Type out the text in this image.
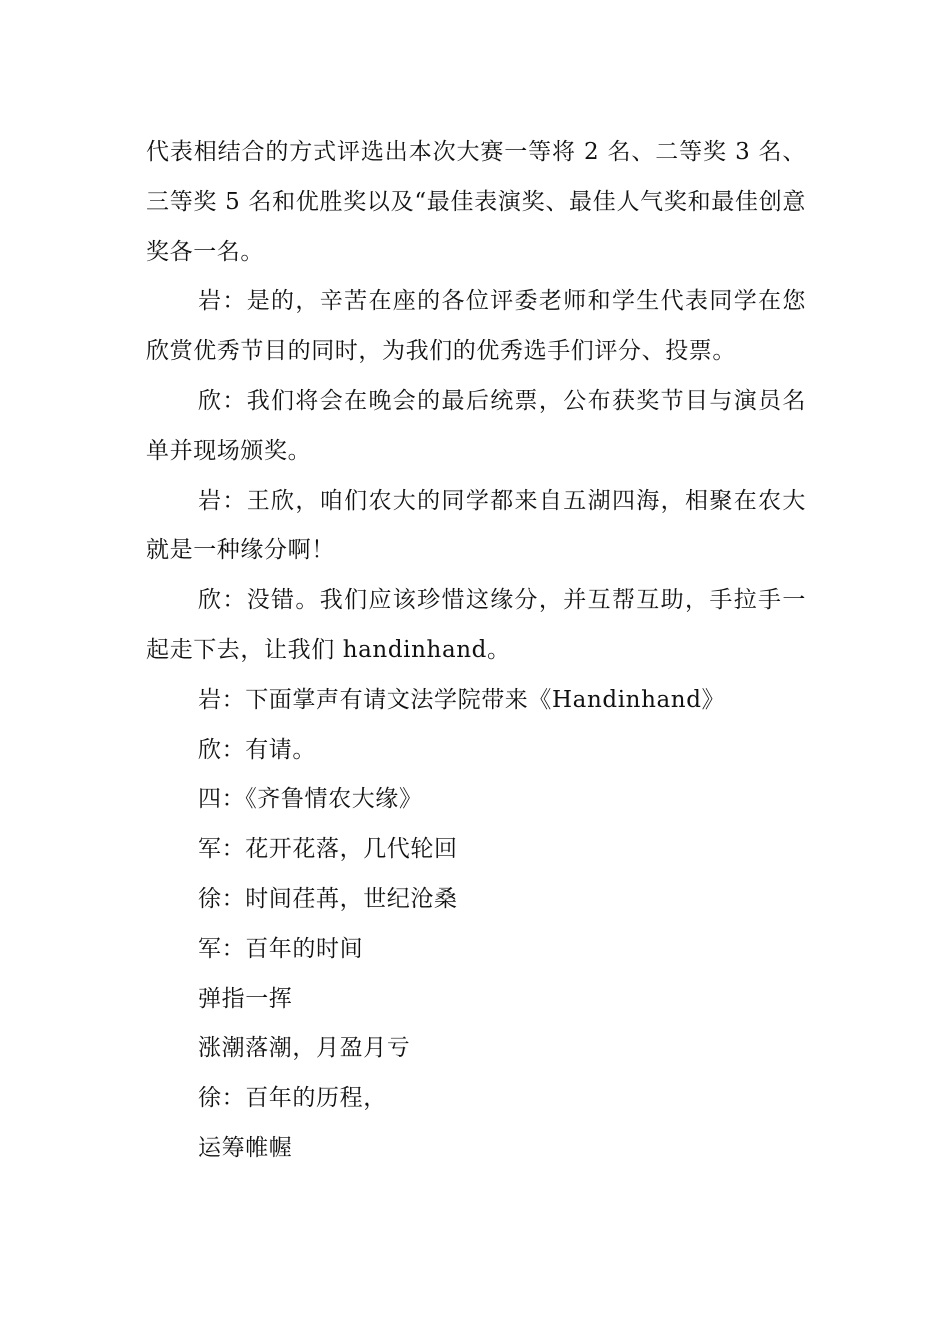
代表相结合的方式评选出本次大赛一等将 2 名、二等奖 3 名、三等奖 5 名和优胜奖以及“最佳表演奖、最佳人气奖和最佳创意奖各一名。

岩：是的，辛苦在座的各位评委老师和学生代表同学在您欣赏优秀节目的同时，为我们的优秀选手们评分、投票。

欣：我们将会在晚会的最后统票，公布获奖节目与演员名单并现场颁奖。

岩：王欣，咱们农大的同学都来自五湖四海，相聚在农大就是一种缘分啊！

欣：没错。我们应该珍惜这缘分，并互帮互助，手拉手一起走下去，让我们 handinhand。

岩：下面掌声有请文法学院带来《Handinhand》

欣：有请。

四：《齐鲁情农大缘》

军：花开花落，几代轮回

徐：时间荏苒，世纪沧桑

军：百年的时间

弹指一挥

涨潮落潮，月盈月亏

徐：百年的历程，

运筹帷幄
